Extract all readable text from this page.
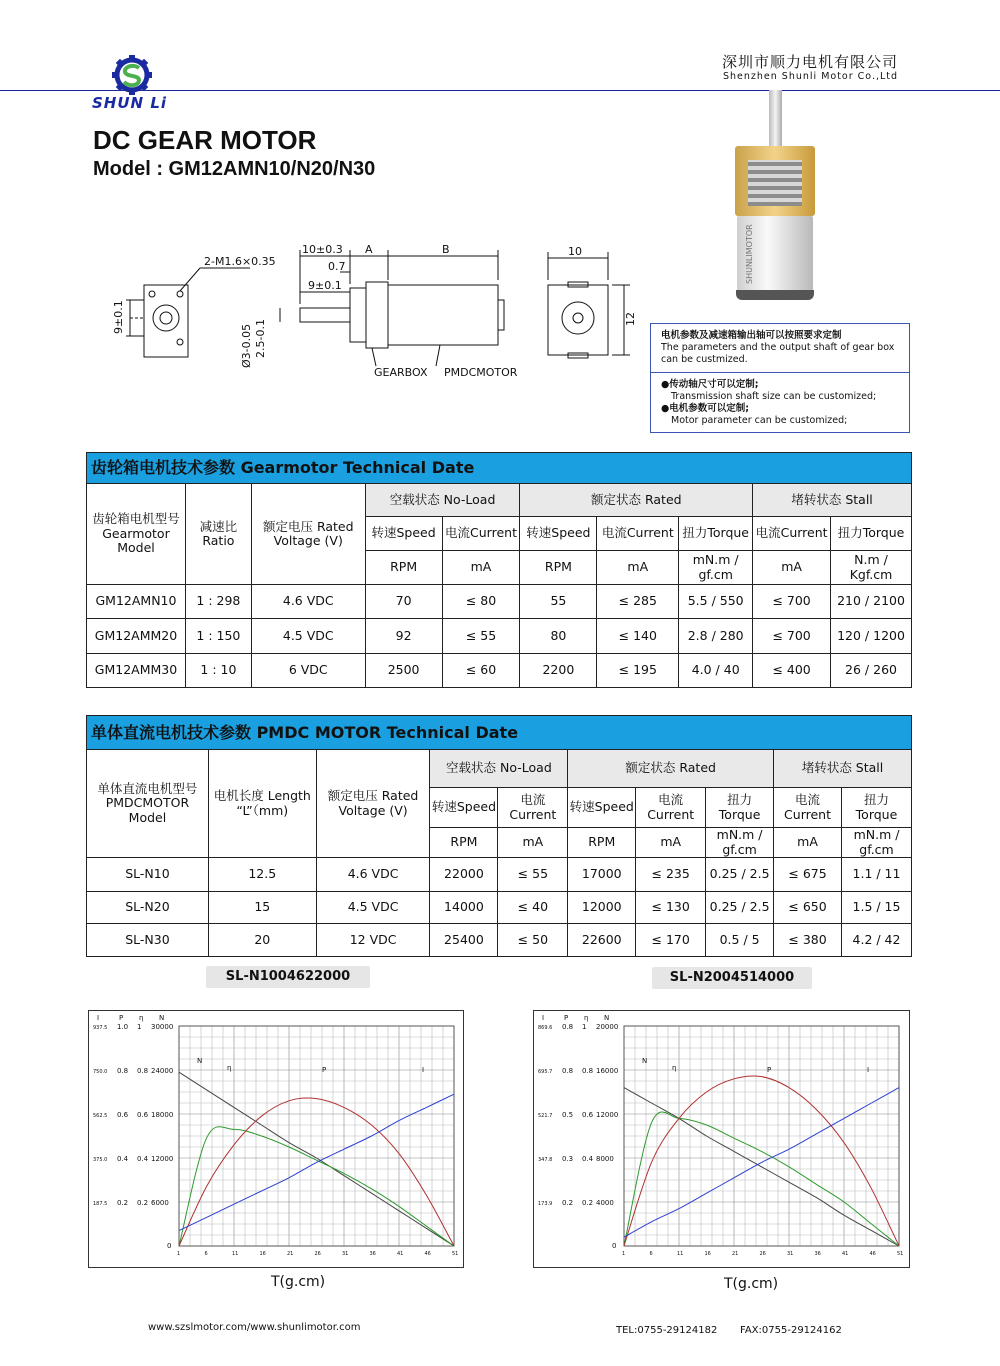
SHUN Li
深圳市顺力电机有限公司
Shenzhen Shunli Motor Co.,Ltd
DC GEAR MOTOR
Model : GM12AMN10/N20/N30
2-M1.6×0.35
9±0.1
10±0.3
0.7
9±0.1
A	B
Ø3-0.05 2.5-0.1
GEARBOX PMDCMOTOR
10
12
SHUNLIMOTOR
电机参数及减速箱输出轴可以按照要求定制
The parameters and the output shaft of gear box can be custmized.
●传动轴尺寸可以定制;
Transmission shaft size can be customized;
●电机参数可以定制;
Motor parameter can be customized;
齿轮箱电机技术参数 Gearmotor Technical Date
齿轮箱电机型号 Gearmotor Model	减速比 Ratio	额定电压 Rated Voltage (V)	空载状态 No-Load		额定状态 Rated			堵转状态 Stall	
			转速Speed	电流Current	转速Speed	电流Current	扭力Torque	电流Current	扭力Torque
			RPM	mA	RPM	mA	mN.m / gf.cm	mA	N.m / Kgf.cm
GM12AMN10	1 : 298	4.6 VDC	70	≤ 80	55	≤ 285	5.5 / 550	≤ 700	210 / 2100
GM12AMM20	1 : 150	4.5 VDC	92	≤ 55	80	≤ 140	2.8 / 280	≤ 700	120 / 1200
GM12AMM30	1 : 10	6 VDC	2500	≤ 60	2200	≤ 195	4.0 / 40	≤ 400	26 / 260
单体直流电机技术参数 PMDC MOTOR Technical Date
单体直流电机型号 PMDCMOTOR Model	电机长度 Length “L”（mm)	额定电压 Rated Voltage (V)	空载状态 No-Load		额定状态 Rated			堵转状态 Stall	
			转速Speed	电流 Current	转速Speed	电流 Current	扭力 Torque	电流 Current	扭力 Torque
			RPM	mA	RPM	mA	mN.m / gf.cm	mA	mN.m / gf.cm
SL-N10	12.5	4.6 VDC	22000	≤ 55	17000	≤ 235	0.25 / 2.5	≤ 675	1.1 / 11
SL-N20	15	4.5 VDC	14000	≤ 40	12000	≤ 130	0.25 / 2.5	≤ 650	1.5 / 15
SL-N30	20	12 VDC	25400	≤ 50	22600	≤ 170	0.5 / 5	≤ 380	4.2 / 42
SL-N1004622000	SL-N2004514000
I	P η N
937.5 1.0 1 30000
750.0 0.8 0.8 24000
562.5 0.6 0.6 18000
375.0 0.4 0.4 12000
187.5 0.2 0.2 6000
0
1	6	11	16	21	26	31	36	41	46	51
N
η	P	I
I	P η N
869.6 0.8 1 20000
695.7 0.8 0.8 16000
521.7 0.5 0.6 12000
347.8 0.3 0.4 8000
173.9 0.2 0.2 4000
0
1	6	11	16	21	26	31	36	41	46	51
N
η	P	I
T(g.cm)	T(g.cm)
www.szslmotor.com/www.shunlimotor.com	TEL:0755-29124182 FAX:0755-29124162
